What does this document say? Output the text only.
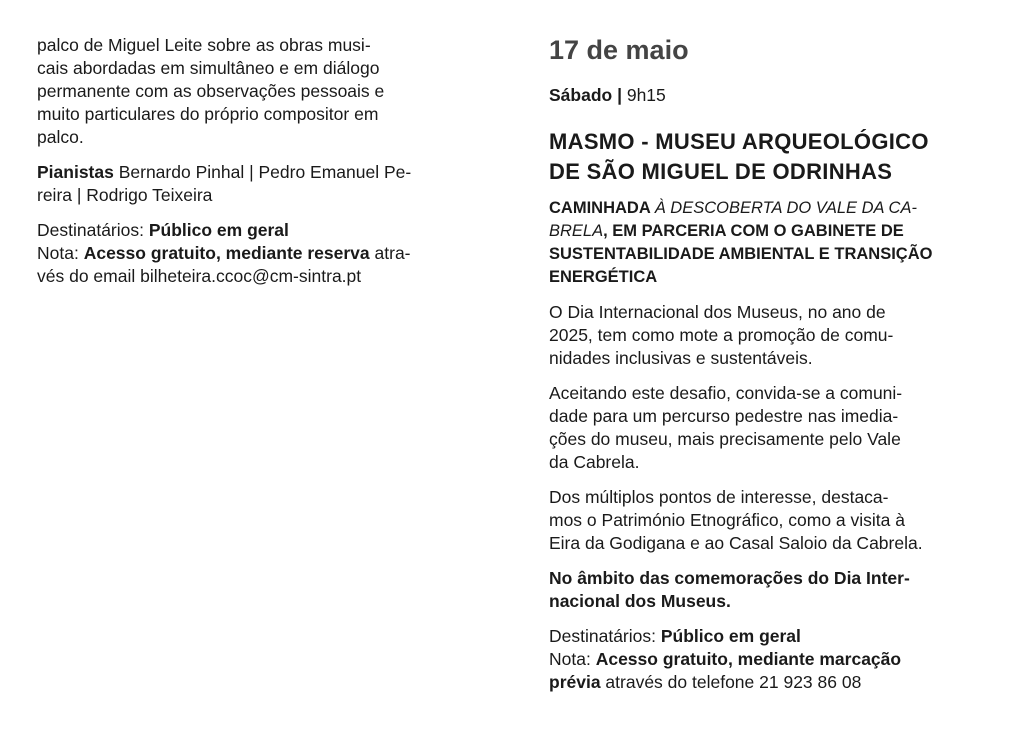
palco de Miguel Leite sobre as obras musi-
cais abordadas em simultâneo e em diálogo
permanente com as observações pessoais e
muito particulares do próprio compositor em
palco.
Pianistas Bernardo Pinhal | Pedro Emanuel Pe-
reira | Rodrigo Teixeira
Destinatários: Público em geral
Nota: Acesso gratuito, mediante reserva atra-
vés do email bilheteira.ccoc@cm-sintra.pt
17 de maio
Sábado | 9h15
MASMO - MUSEU ARQUEOLÓGICO
DE SÃO MIGUEL DE ODRINHAS
CAMINHADA À DESCOBERTA DO VALE DA CA-
BRELA, EM PARCERIA COM O GABINETE DE
SUSTENTABILIDADE AMBIENTAL E TRANSIÇÃO
ENERGÉTICA
O Dia Internacional dos Museus, no ano de
2025, tem como mote a promoção de comu-
nidades inclusivas e sustentáveis.
Aceitando este desafio, convida-se a comuni-
dade para um percurso pedestre nas imedia-
ções do museu, mais precisamente pelo Vale
da Cabrela.
Dos múltiplos pontos de interesse, destaca-
mos o Património Etnográfico, como a visita à
Eira da Godigana e ao Casal Saloio da Cabrela.
No âmbito das comemorações do Dia Inter-
nacional dos Museus.
Destinatários: Público em geral
Nota: Acesso gratuito, mediante marcação
prévia através do telefone 21 923 86 08
